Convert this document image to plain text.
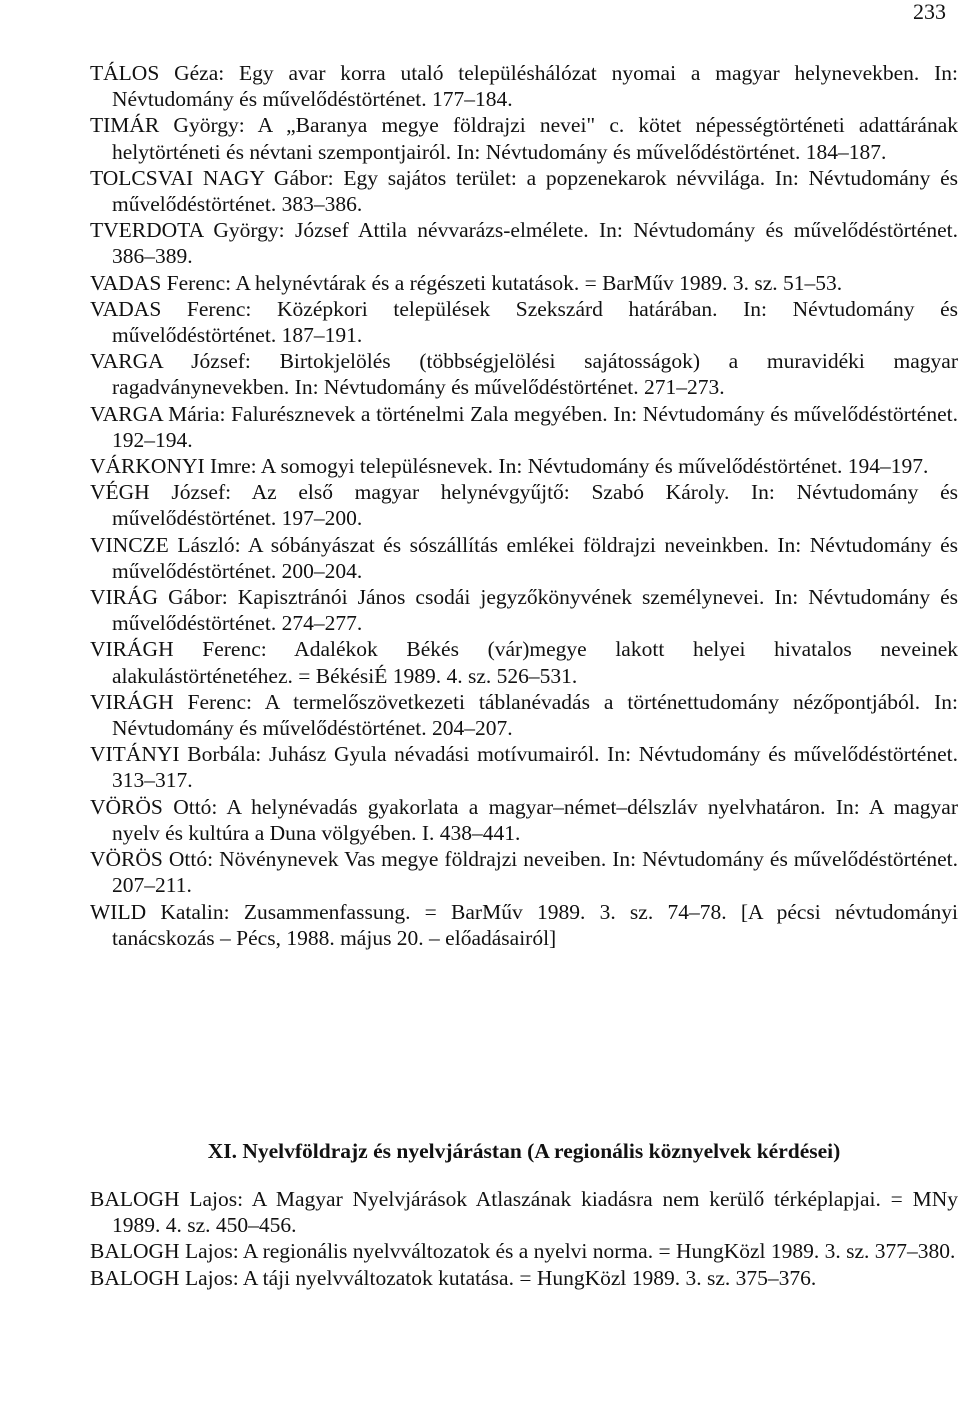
233

TÁLOS Géza: Egy avar korra utaló településhálózat nyomai a magyar helynevekben. In: Névtudomány és művelődéstörténet. 177–184.

TIMÁR György: A „Baranya megye földrajzi nevei" c. kötet népességtörténeti adattárának helytörténeti és névtani szempontjairól. In: Névtudomány és művelődéstörténet. 184–187.

TOLCSVAI NAGY Gábor: Egy sajátos terület: a popzenekarok névvilága. In: Névtudomány és művelődéstörténet. 383–386.

TVERDOTA György: József Attila névvarázs-elmélete. In: Névtudomány és művelődéstörténet. 386–389.

VADAS Ferenc: A helynévtárak és a régészeti kutatások. = BarMűv 1989. 3. sz. 51–53.

VADAS Ferenc: Középkori települések Szekszárd határában. In: Névtudomány és művelődéstörténet. 187–191.

VARGA József: Birtokjelölés (többségjelölési sajátosságok) a muravidéki magyar ragadványnevekben. In: Névtudomány és művelődéstörténet. 271–273.

VARGA Mária: Falurésznevek a történelmi Zala megyében. In: Névtudomány és művelődéstörténet. 192–194.

VÁRKONYI Imre: A somogyi településnevek. In: Névtudomány és művelődéstörténet. 194–197.

VÉGH József: Az első magyar helynévgyűjtő: Szabó Károly. In: Névtudomány és művelődéstörténet. 197–200.

VINCZE László: A sóbányászat és sószállítás emlékei földrajzi neveinkben. In: Névtudomány és művelődéstörténet. 200–204.

VIRÁG Gábor: Kapisztránói János csodái jegyzőkönyvének személynevei. In: Névtudomány és művelődéstörténet. 274–277.

VIRÁGH Ferenc: Adalékok Békés (vár)megye lakott helyei hivatalos neveinek alakulástörténetéhez. = BékésiÉ 1989. 4. sz. 526–531.

VIRÁGH Ferenc: A termelőszövetkezeti táblanévadás a történettudomány nézőpontjából. In: Névtudomány és művelődéstörténet. 204–207.

VITÁNYI Borbála: Juhász Gyula névadási motívumairól. In: Névtudomány és művelődéstörténet. 313–317.

VÖRÖS Ottó: A helynévadás gyakorlata a magyar–német–délszláv nyelvhatáron. In: A magyar nyelv és kultúra a Duna völgyében. I. 438–441.

VÖRÖS Ottó: Növénynevek Vas megye földrajzi neveiben. In: Névtudomány és művelődéstörténet. 207–211.

WILD Katalin: Zusammenfassung. = BarMűv 1989. 3. sz. 74–78. [A pécsi névtudományi tanácskozás – Pécs, 1988. május 20. – előadásairól]

XI. Nyelvföldrajz és nyelvjárástan (A regionális köznyelvek kérdései)

BALOGH Lajos: A Magyar Nyelvjárások Atlaszának kiadásra nem kerülő térképlapjai. = MNy 1989. 4. sz. 450–456.

BALOGH Lajos: A regionális nyelvváltozatok és a nyelvi norma. = HungKözl 1989. 3. sz. 377–380.

BALOGH Lajos: A táji nyelvváltozatok kutatása. = HungKözl 1989. 3. sz. 375–376.
